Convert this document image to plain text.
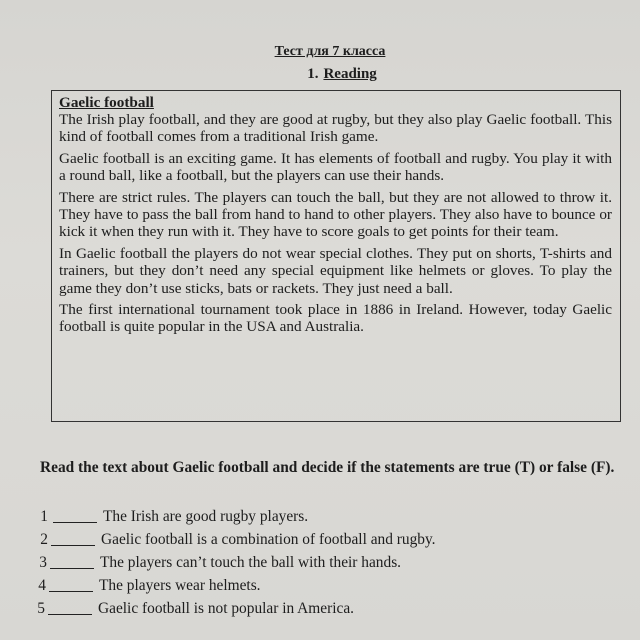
Тест для 7 класса
1. Reading
Gaelic football

The Irish play football, and they are good at rugby, but they also play Gaelic football. This kind of football comes from a traditional Irish game.

Gaelic football is an exciting game. It has elements of football and rugby. You play it with a round ball, like a football, but the players can use their hands.

There are strict rules. The players can touch the ball, but they are not allowed to throw it. They have to pass the ball from hand to hand to other players. They also have to bounce or kick it when they run with it. They have to score goals to get points for their team.

In Gaelic football the players do not wear special clothes. They put on shorts, T-shirts and trainers, but they don’t need any special equipment like helmets or gloves. To play the game they don’t use sticks, bats or rackets. They just need a ball.

The first international tournament took place in 1886 in Ireland. However, today Gaelic football is quite popular in the USA and Australia.

Read the text about Gaelic football and decide if the statements are true (T) or false (F).
1	The Irish are good rugby players.
2	Gaelic football is a combination of football and rugby.
3	The players can’t touch the ball with their hands.
4	The players wear helmets.
5	Gaelic football is not popular in America.
